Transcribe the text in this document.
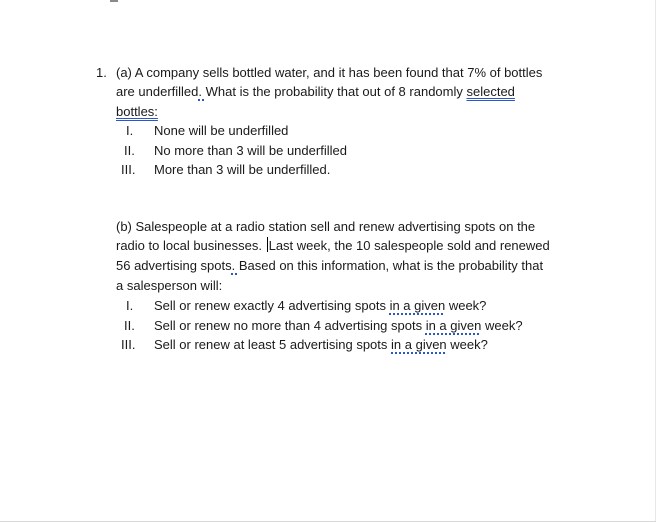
1. (a) A company sells bottled water, and it has been found that 7% of bottles
are underfilled. What is the probability that out of 8 randomly selected
bottles:
I.	None will be underfilled
II.	No more than 3 will be underfilled
III.	More than 3 will be underfilled.
(b) Salespeople at a radio station sell and renew advertising spots on the
radio to local businesses. Last week, the 10 salespeople sold and renewed
56 advertising spots. Based on this information, what is the probability that
a salesperson will:
I.	Sell or renew exactly 4 advertising spots in a given week?
II.	Sell or renew no more than 4 advertising spots in a given week?
III.	Sell or renew at least 5 advertising spots in a given week?
